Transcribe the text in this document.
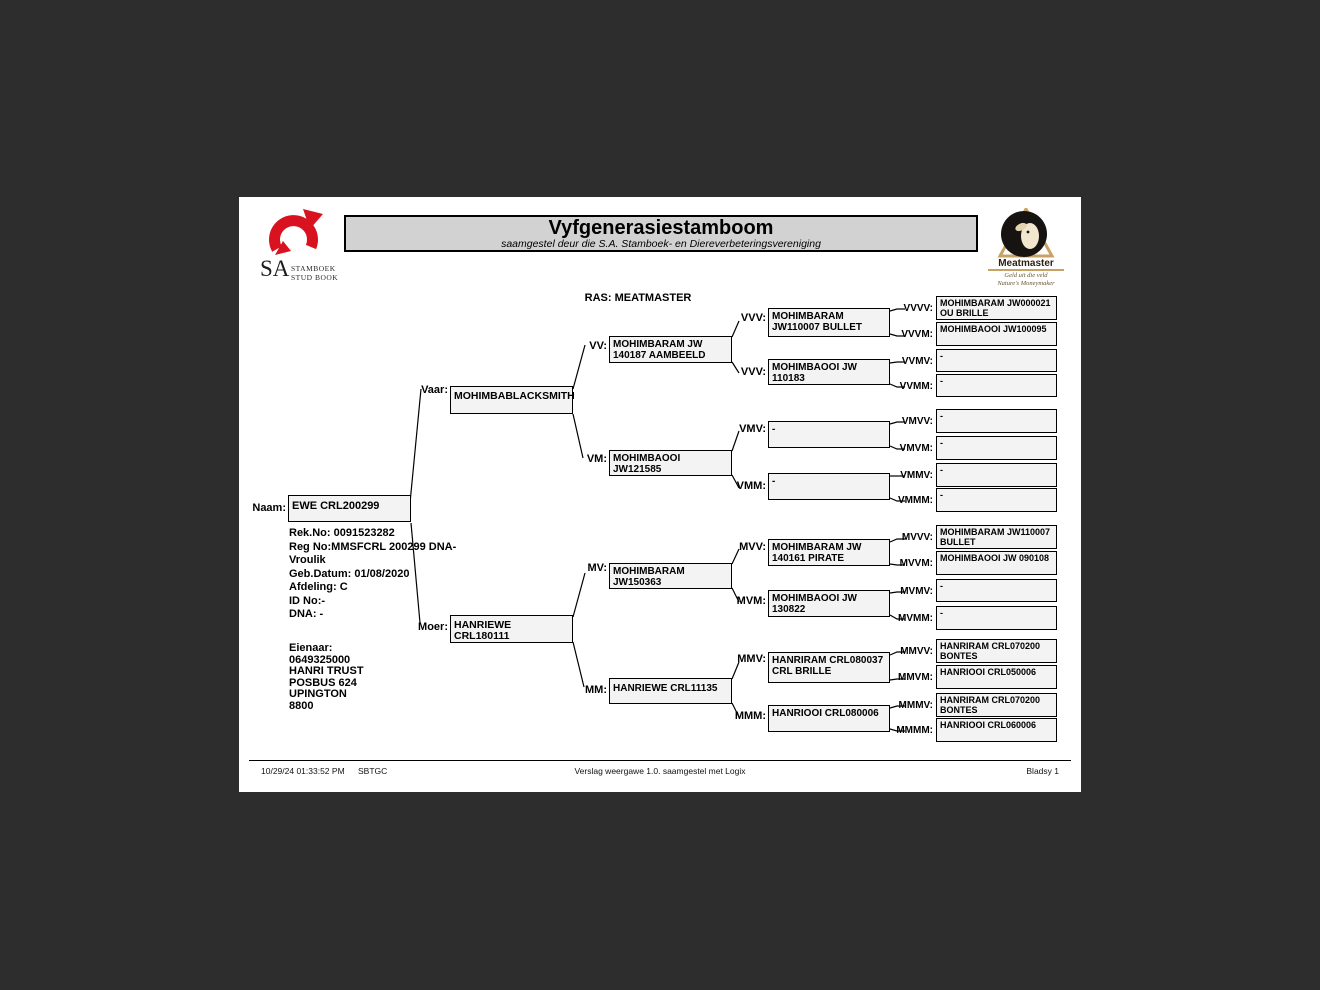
SA STAMBOEK
STUD BOOK
Vyfgenerasiestamboom
saamgestel deur die S.A. Stamboek- en Diereverbeteringsvereniging
Meatmaster
Geld uit die veld
Nature's Moneymaker
RAS: MEATMASTER
Naam: EWE CRL200299
Rek.No: 0091523282
Reg No:MMSFCRL 200299 DNA-
Vroulik
Geb.Datum: 01/08/2020
Afdeling: C
ID No:-
DNA: -
Eienaar:
0649325000
HANRI TRUST
POSBUS 624
UPINGTON
8800
Vaar: MOHIMBABLACKSMITH
Moer: HANRIEWE CRL180111
VV: MOHIMBARAM JW 140187 AAMBEELD
VM: MOHIMBAOOI JW121585
MV: MOHIMBARAM JW150363
MM: HANRIEWE CRL11135
VVV: MOHIMBARAM JW110007 BULLET
VVV: MOHIMBAOOI JW 110183
VMV: -
VMM: -
MVV: MOHIMBARAM JW 140161 PIRATE
MVM: MOHIMBAOOI JW 130822
MMV: HANRIRAM CRL080037 CRL BRILLE
MMM: HANRIOOI CRL080006
VVVV: MOHIMBARAM JW000021 OU BRILLE
VVVM: MOHIMBAOOI JW100095
VVMV: -
VVMM: -
VMVV: -
VMVM: -
VMMV: -
VMMM: -
MVVV: MOHIMBARAM JW110007 BULLET
MVVM: MOHIMBAOOI JW 090108
MVMV: -
MVMM: -
MMVV: HANRIRAM CRL070200 BONTES
MMVM: HANRIOOI CRL050006
MMMV: HANRIRAM CRL070200 BONTES
MMMM: HANRIOOI CRL060006
10/29/24 01:33:52 PM SBTGC	Verslag weergawe 1.0. saamgestel met Logix	Bladsy 1
